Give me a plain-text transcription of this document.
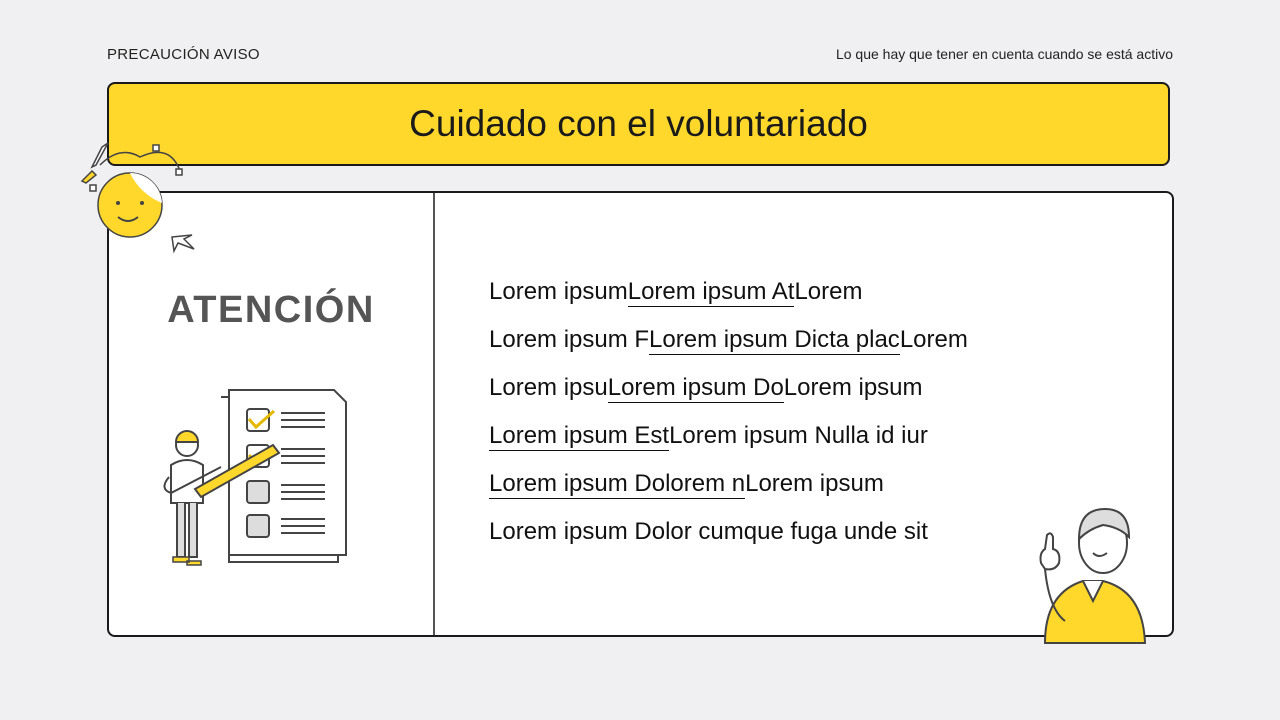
PRECAUCIÓN AVISO	Lo que hay que tener en cuenta cuando se está activo
Cuidado con el voluntariado
ATENCIÓN	Lorem ipsumLorem ipsum AtLorem
Lorem ipsum FLorem ipsum Dicta placLorem
Lorem ipsuLorem ipsum DoLorem ipsum
Lorem ipsum EstLorem ipsum Nulla id iur
Lorem ipsum Dolorem nLorem ipsum
Lorem ipsum Dolor cumque fuga unde sit
